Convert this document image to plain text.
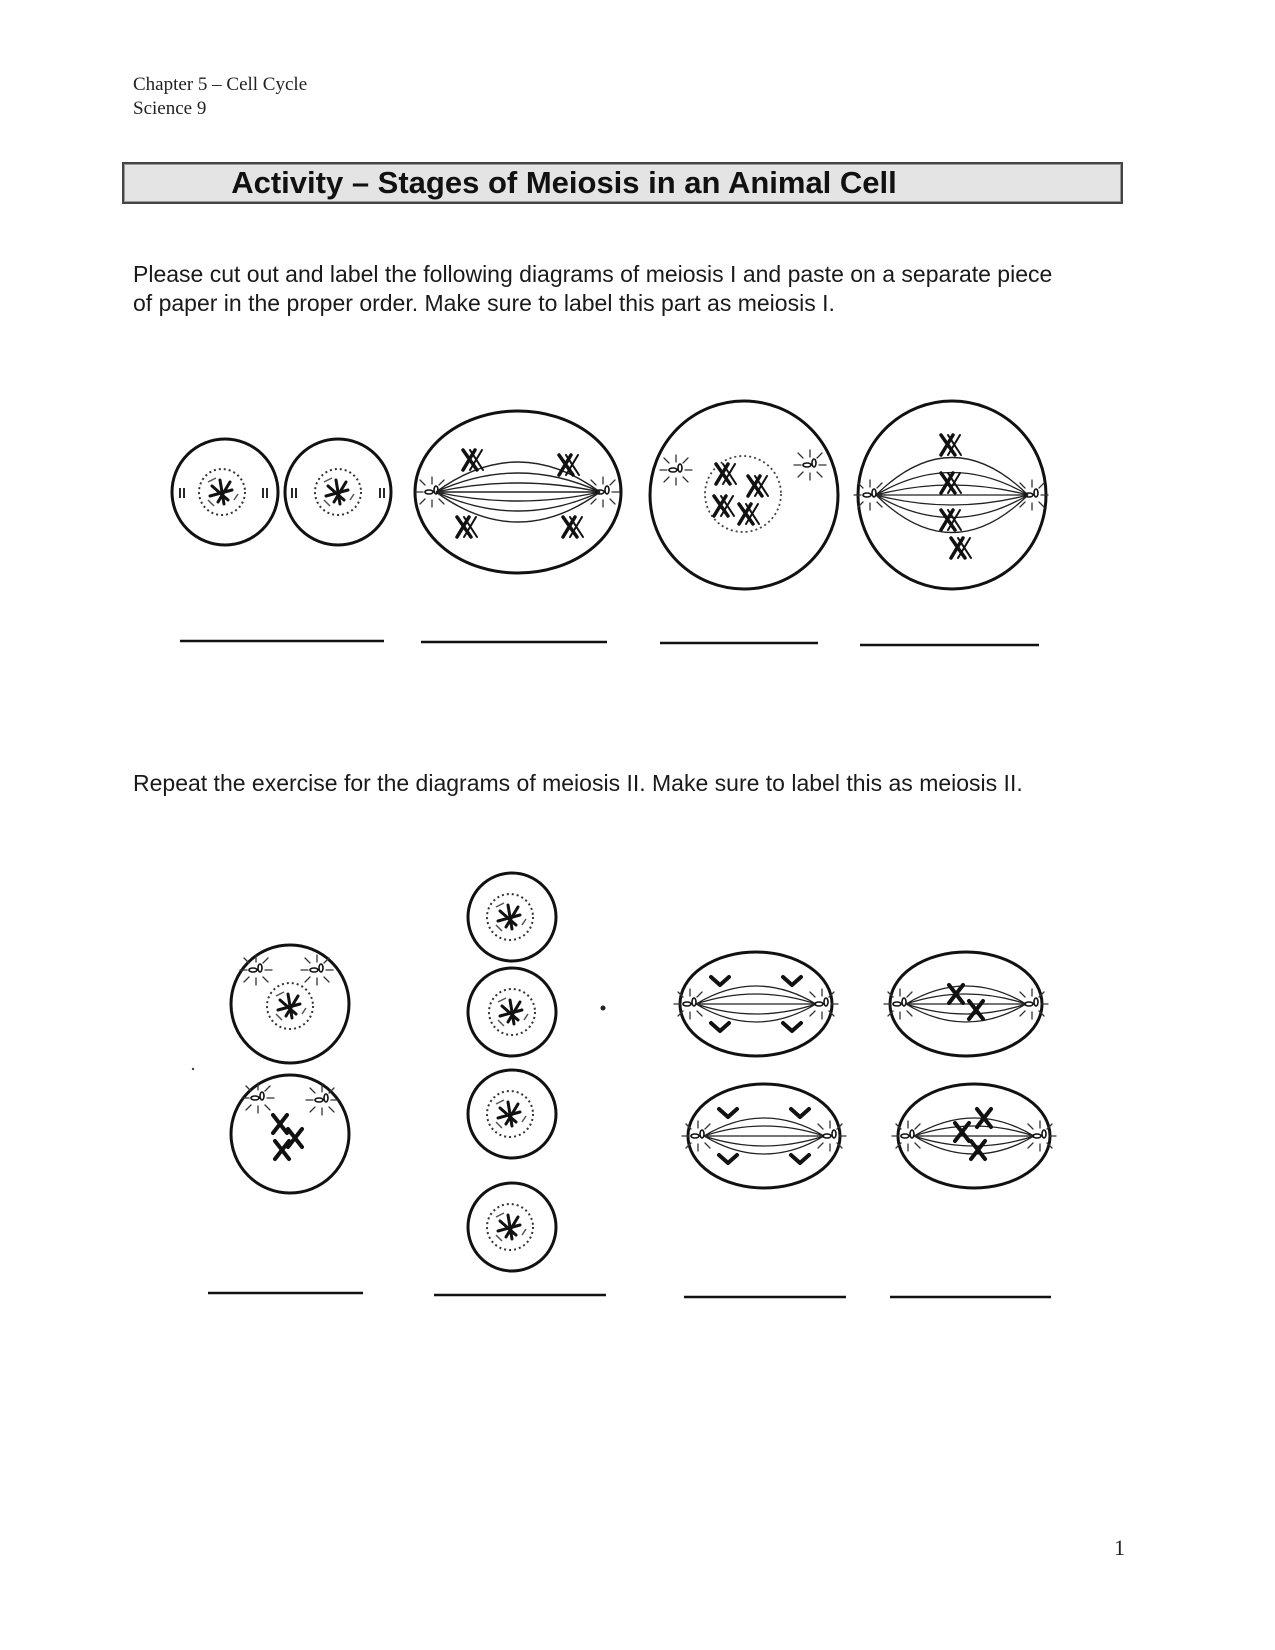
Chapter 5 – Cell Cycle
Science 9
Activity – Stages of Meiosis in an Animal Cell
Please cut out and label the following diagrams of meiosis I and paste on a separate piece
of paper in the proper order. Make sure to label this part as meiosis I.
Repeat the exercise for the diagrams of meiosis II. Make sure to label this as meiosis II.
1
